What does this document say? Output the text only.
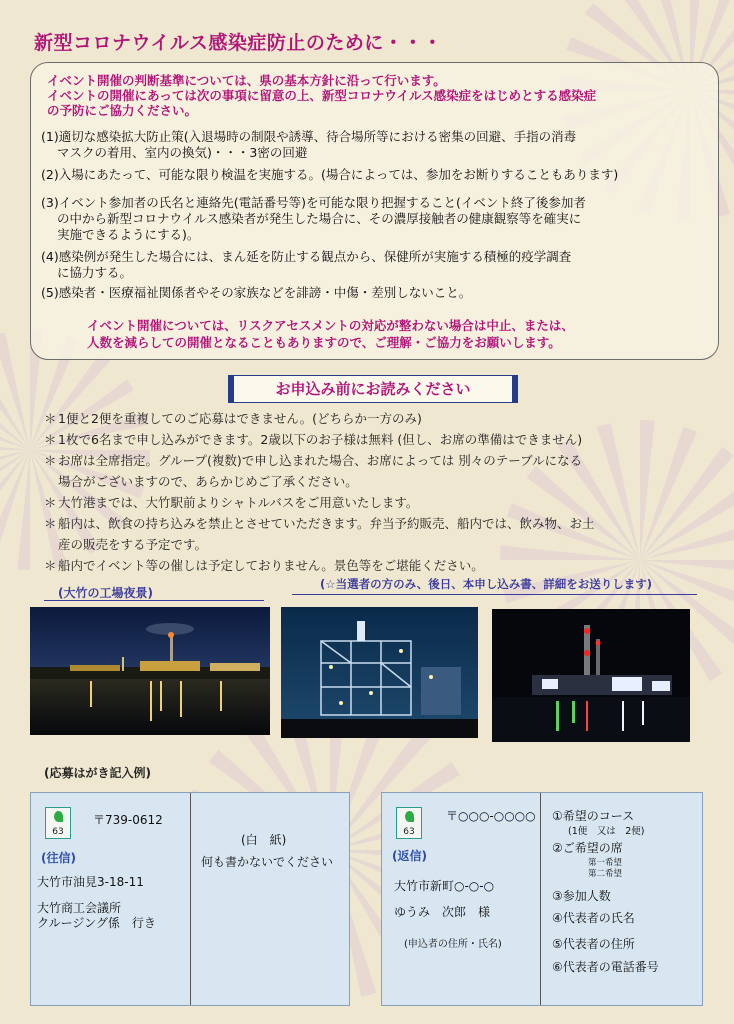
新型コロナウイルス感染症防止のために・・・
イベント開催の判断基準については、県の基本方針に沿って行います。
イベントの開催にあっては次の事項に留意の上、新型コロナウイルス感染症をはじめとする感染症
の予防にご協力ください。
(1)適切な感染拡大防止策(入退場時の制限や誘導、待合場所等における密集の回避、手指の消毒
マスクの着用、室内の換気)・・・3密の回避
(2)入場にあたって、可能な限り検温を実施する。(場合によっては、参加をお断りすることもあります)
(3)イベント参加者の氏名と連絡先(電話番号等)を可能な限り把握すること(イベント終了後参加者
の中から新型コロナウイルス感染者が発生した場合に、その濃厚接触者の健康観察等を確実に
実施できるようにする)。
(4)感染例が発生した場合には、まん延を防止する観点から、保健所が実施する積極的疫学調査
に協力する。
(5)感染者・医療福祉関係者やその家族などを誹謗・中傷・差別しないこと。
イベント開催については、リスクアセスメントの対応が整わない場合は中止、または、
人数を減らしての開催となることもありますので、ご理解・ご協力をお願いします。
お申込み前にお読みください
＊ 1便と2便を重複してのご応募はできません。(どちらか一方のみ)
＊ 1枚で6名まで申し込みができます。2歳以下のお子様は無料 (但し、お席の準備はできません)
＊ お席は全席指定。グループ(複数)で申し込まれた場合、お席によっては 別々のテーブルになる
場合がございますので、あらかじめご了承ください。
＊ 大竹港までは、大竹駅前よりシャトルバスをご用意いたします。
＊ 船内は、飲食の持ち込みを禁止とさせていただきます。弁当予約販売、船内では、飲み物、お土
産の販売をする予定です。
＊ 船内でイベント等の催しは予定しておりません。景色等をご堪能ください。
(大竹の工場夜景)
(☆当選者の方のみ、後日、本申し込み書、詳細をお送りします)
(応募はがき記入例)
63
〒739-0612
(往信)
大竹市油見3-18-11
大竹商工会議所
クルージング係　行き
(白　紙)
何も書かないでください
63
〒○○○-○○○○
(返信)
大竹市新町○-○-○
ゆうみ　次郎　様
(申込者の住所・氏名)
①希望のコース
(1便　又は　2便)
②ご希望の席
第一希望
第二希望
③参加人数
④代表者の氏名
⑤代表者の住所
⑥代表者の電話番号
